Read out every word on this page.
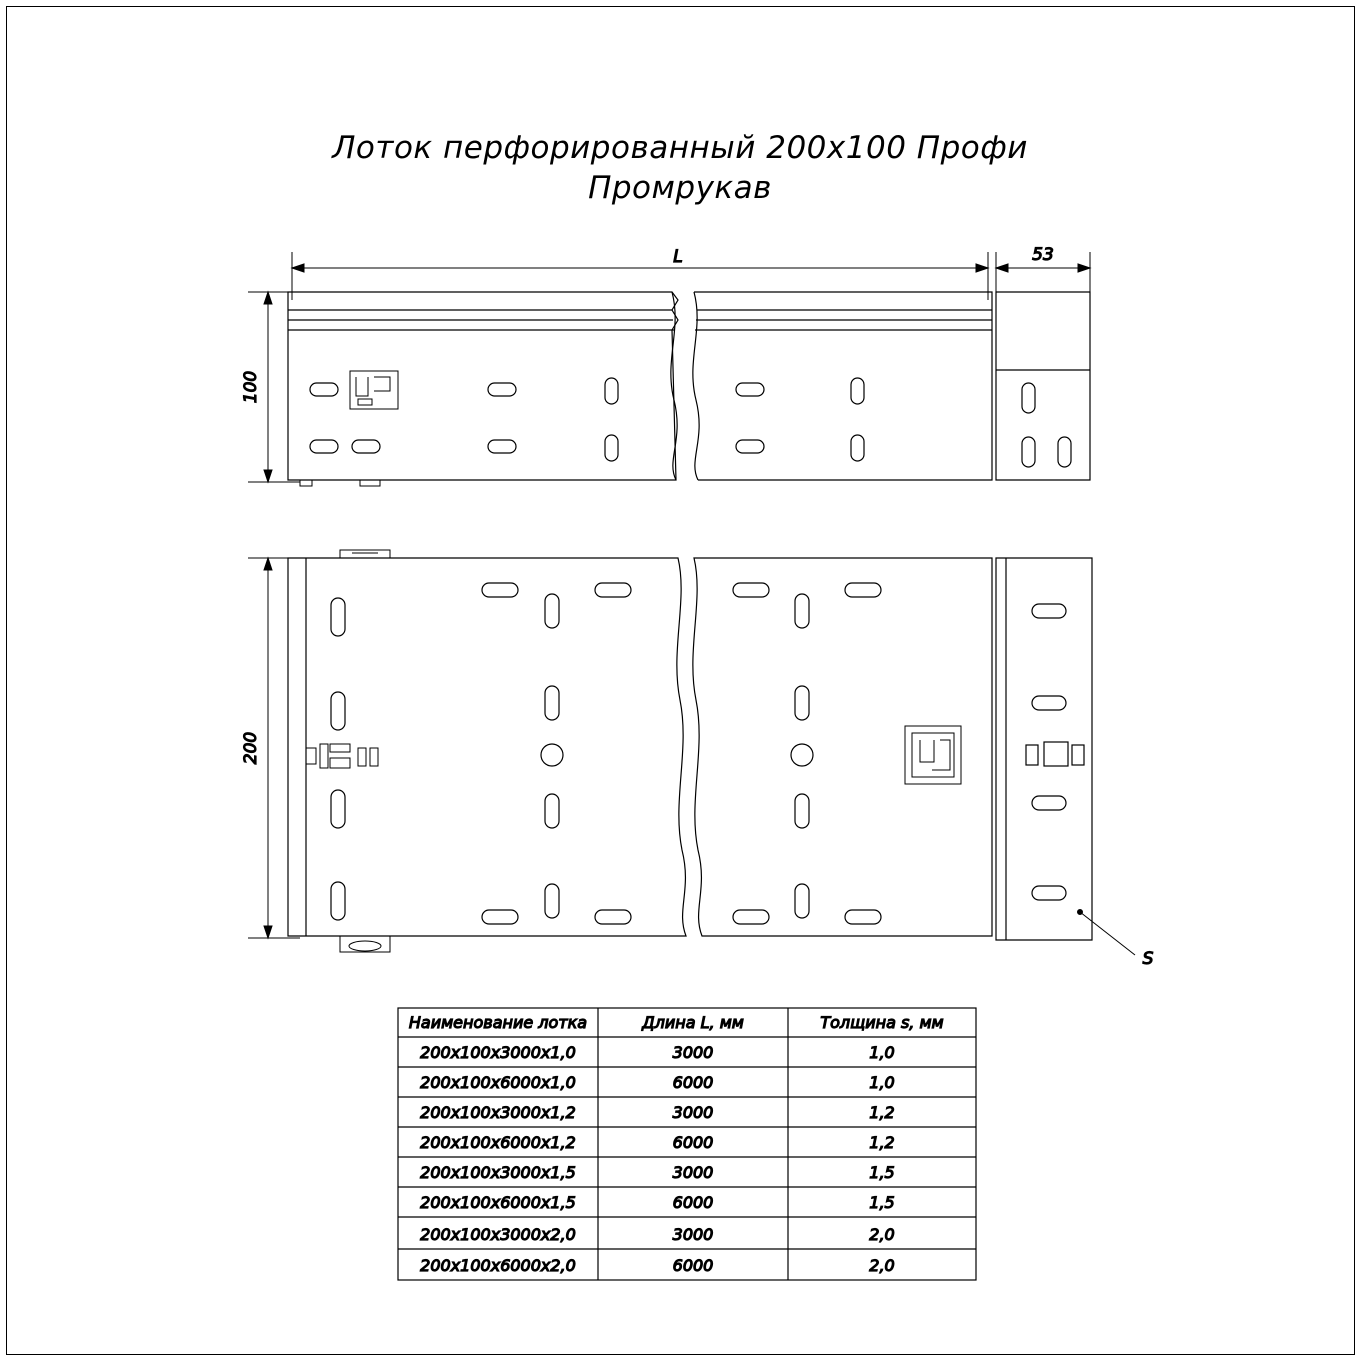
Лоток перфорированный 200х100 Профи
Промрукав
L	53
100
200
S
Наименование лотка	Длина L, мм	Толщина s, мм
200х100х3000х1,0	3000	1,0
200х100х6000х1,0	6000	1,0
200х100х3000х1,2	3000	1,2
200х100х6000х1,2	6000	1,2
200х100х3000х1,5	3000	1,5
200х100х6000х1,5	6000	1,5
200х100х3000х2,0	3000	2,0
200х100х6000х2,0	6000	2,0
